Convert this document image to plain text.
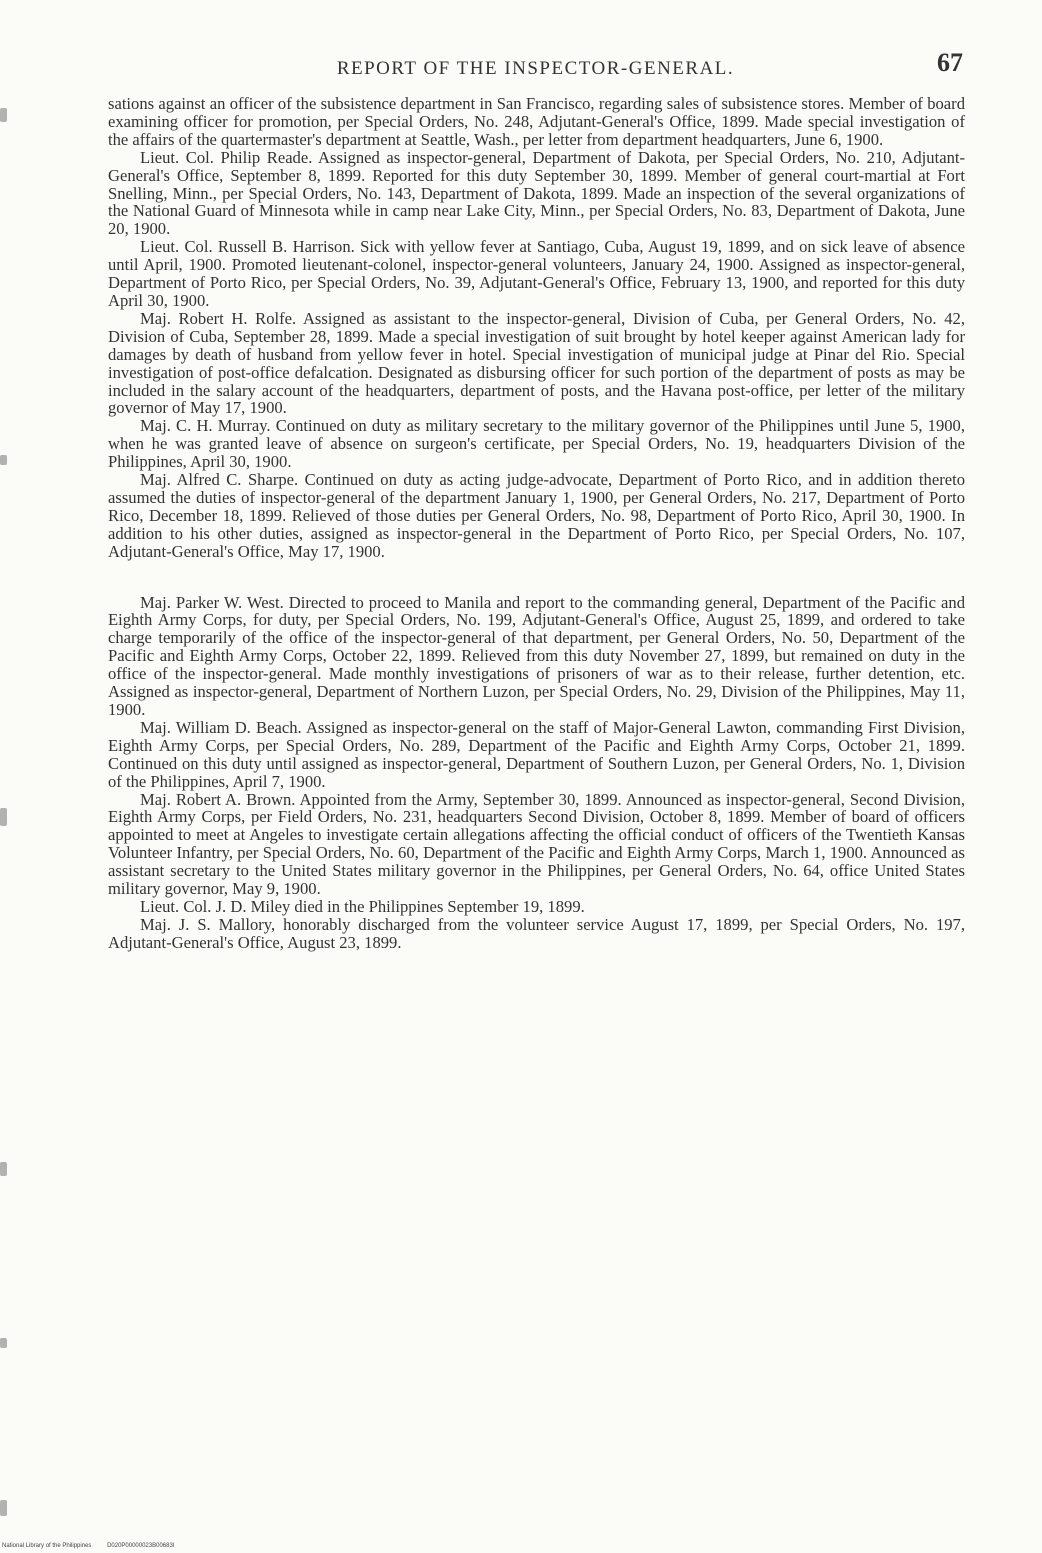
REPORT OF THE INSPECTOR-GENERAL.	67

sations against an officer of the subsistence department in San Francisco, regarding sales of subsistence stores. Member of board examining officer for promotion, per Special Orders, No. 248, Adjutant-General's Office, 1899. Made special investigation of the affairs of the quartermaster's department at Seattle, Wash., per letter from department headquarters, June 6, 1900.

Lieut. Col. Philip Reade. Assigned as inspector-general, Department of Dakota, per Special Orders, No. 210, Adjutant-General's Office, September 8, 1899. Reported for this duty September 30, 1899. Member of general court-martial at Fort Snelling, Minn., per Special Orders, No. 143, Department of Dakota, 1899. Made an inspection of the several organizations of the National Guard of Minnesota while in camp near Lake City, Minn., per Special Orders, No. 83, Department of Dakota, June 20, 1900.

Lieut. Col. Russell B. Harrison. Sick with yellow fever at Santiago, Cuba, August 19, 1899, and on sick leave of absence until April, 1900. Promoted lieutenant-colonel, inspector-general volunteers, January 24, 1900. Assigned as inspector-general, Department of Porto Rico, per Special Orders, No. 39, Adjutant-General's Office, February 13, 1900, and reported for this duty April 30, 1900.

Maj. Robert H. Rolfe. Assigned as assistant to the inspector-general, Division of Cuba, per General Orders, No. 42, Division of Cuba, September 28, 1899. Made a special investigation of suit brought by hotel keeper against American lady for damages by death of husband from yellow fever in hotel. Special investigation of municipal judge at Pinar del Rio. Special investigation of post-office defalcation. Designated as disbursing officer for such portion of the department of posts as may be included in the salary account of the headquarters, department of posts, and the Havana post-office, per letter of the military governor of May 17, 1900.

Maj. C. H. Murray. Continued on duty as military secretary to the military governor of the Philippines until June 5, 1900, when he was granted leave of absence on surgeon's certificate, per Special Orders, No. 19, headquarters Division of the Philippines, April 30, 1900.

Maj. Alfred C. Sharpe. Continued on duty as acting judge-advocate, Department of Porto Rico, and in addition thereto assumed the duties of inspector-general of the department January 1, 1900, per General Orders, No. 217, Department of Porto Rico, December 18, 1899. Relieved of those duties per General Orders, No. 98, Department of Porto Rico, April 30, 1900. In addition to his other duties, assigned as inspector-general in the Department of Porto Rico, per Special Orders, No. 107, Adjutant-General's Office, May 17, 1900.

Maj. Parker W. West. Directed to proceed to Manila and report to the commanding general, Department of the Pacific and Eighth Army Corps, for duty, per Special Orders, No. 199, Adjutant-General's Office, August 25, 1899, and ordered to take charge temporarily of the office of the inspector-general of that department, per General Orders, No. 50, Department of the Pacific and Eighth Army Corps, October 22, 1899. Relieved from this duty November 27, 1899, but remained on duty in the office of the inspector-general. Made monthly investigations of prisoners of war as to their release, further detention, etc. Assigned as inspector-general, Department of Northern Luzon, per Special Orders, No. 29, Division of the Philippines, May 11, 1900.

Maj. William D. Beach. Assigned as inspector-general on the staff of Major-General Lawton, commanding First Division, Eighth Army Corps, per Special Orders, No. 289, Department of the Pacific and Eighth Army Corps, October 21, 1899. Continued on this duty until assigned as inspector-general, Department of Southern Luzon, per General Orders, No. 1, Division of the Philippines, April 7, 1900.

Maj. Robert A. Brown. Appointed from the Army, September 30, 1899. Announced as inspector-general, Second Division, Eighth Army Corps, per Field Orders, No. 231, headquarters Second Division, October 8, 1899. Member of board of officers appointed to meet at Angeles to investigate certain allegations affecting the official conduct of officers of the Twentieth Kansas Volunteer Infantry, per Special Orders, No. 60, Department of the Pacific and Eighth Army Corps, March 1, 1900. Announced as assistant secretary to the United States military governor in the Philippines, per General Orders, No. 64, office United States military governor, May 9, 1900.

Lieut. Col. J. D. Miley died in the Philippines September 19, 1899.

Maj. J. S. Mallory, honorably discharged from the volunteer service August 17, 1899, per Special Orders, No. 197, Adjutant-General's Office, August 23, 1899.

National Library of the Philippines	D020P00000023B00683I
